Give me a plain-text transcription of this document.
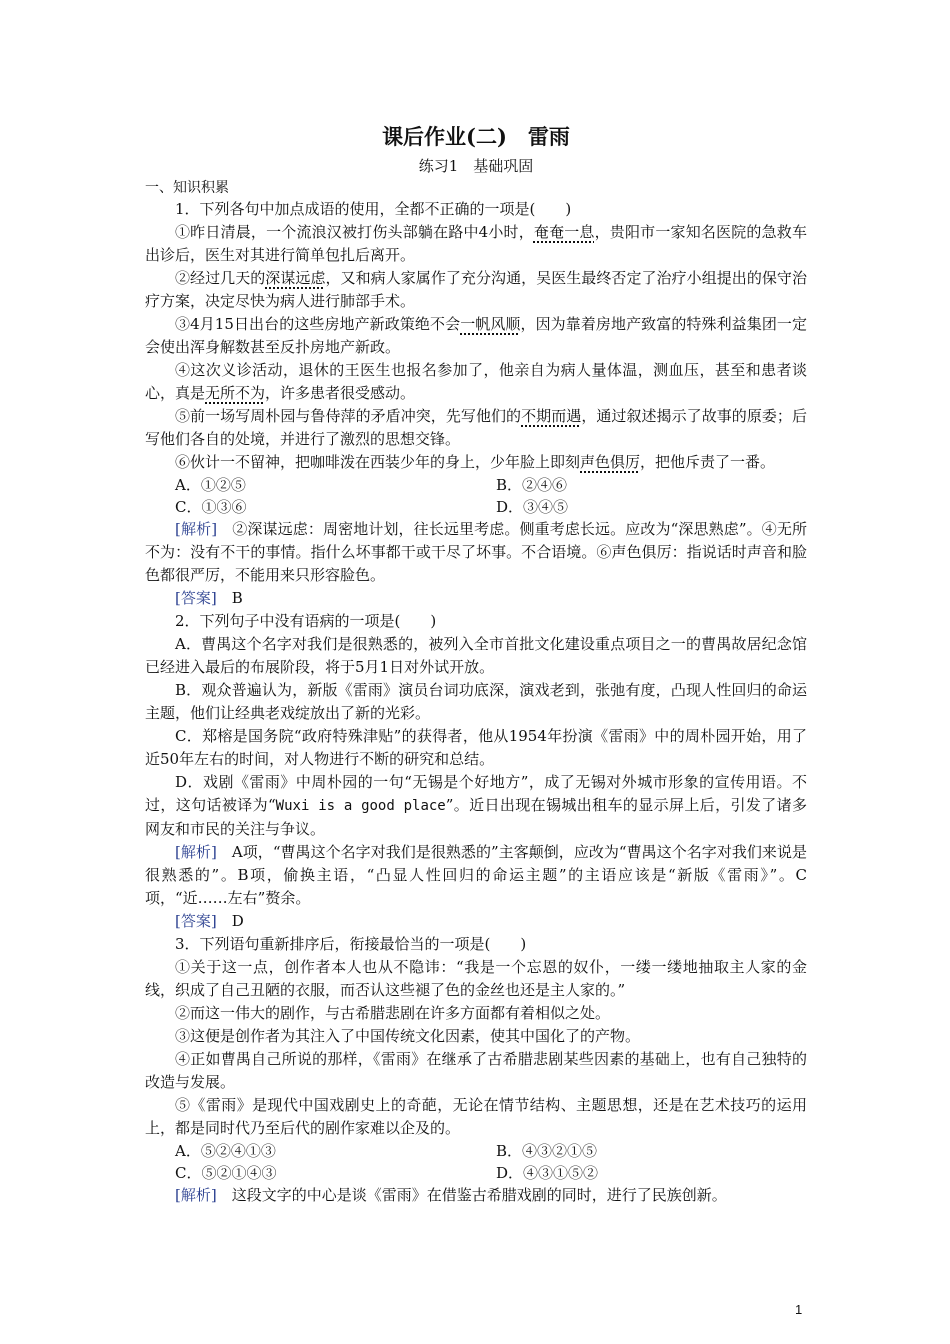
课后作业(二)　雷雨
练习1　基础巩固
一、知识积累

1．下列各句中加点成语的使用，全都不正确的一项是(　　)

①昨日清晨，一个流浪汉被打伤头部躺在路中4小时，奄奄一息，贵阳市一家知名医院的急救车出诊后，医生对其进行简单包扎后离开。

②经过几天的深谋远虑，又和病人家属作了充分沟通，吴医生最终否定了治疗小组提出的保守治疗方案，决定尽快为病人进行肺部手术。

③4月15日出台的这些房地产新政策绝不会一帆风顺，因为靠着房地产致富的特殊利益集团一定会使出浑身解数甚至反扑房地产新政。

④这次义诊活动，退休的王医生也报名参加了，他亲自为病人量体温，测血压，甚至和患者谈心，真是无所不为，许多患者很受感动。

⑤前一场写周朴园与鲁侍萍的矛盾冲突，先写他们的不期而遇，通过叙述揭示了故事的原委；后写他们各自的处境，并进行了激烈的思想交锋。

⑥伙计一不留神，把咖啡泼在西装少年的身上，少年脸上即刻声色俱厉，把他斥责了一番。

A．①②⑤	B．②④⑥
C．①③⑥	D．③④⑤

[解析]　 ②深谋远虑：周密地计划，往长远里考虑。侧重考虑长远。应改为“深思熟虑”。④无所不为：没有不干的事情。指什么坏事都干或干尽了坏事。不合语境。⑥声色俱厉：指说话时声音和脸色都很严厉，不能用来只形容脸色。

[答案]　 B

2．下列句子中没有语病的一项是(　　)

A．曹禺这个名字对我们是很熟悉的，被列入全市首批文化建设重点项目之一的曹禺故居纪念馆已经进入最后的布展阶段，将于5月1日对外试开放。

B．观众普遍认为，新版《雷雨》演员台词功底深，演戏老到，张弛有度，凸现人性回归的命运主题，他们让经典老戏绽放出了新的光彩。

C．郑榕是国务院“政府特殊津贴”的获得者，他从1954年扮演《雷雨》中的周朴园开始，用了近50年左右的时间，对人物进行不断的研究和总结。

D．戏剧《雷雨》中周朴园的一句“无锡是个好地方”，成了无锡对外城市形象的宣传用语。不过，这句话被译为“Wuxi is a good place”。近日出现在锡城出租车的显示屏上后，引发了诸多网友和市民的关注与争议。

[解析]　 A项，“曹禺这个名字对我们是很熟悉的”主客颠倒，应改为“曹禺这个名字对我们来说是很熟悉的”。B项，偷换主语，“凸显人性回归的命运主题”的主语应该是“新版《雷雨》”。C项，“近……左右”赘余。

[答案]　 D

3．下列语句重新排序后，衔接最恰当的一项是(　　)

①关于这一点，创作者本人也从不隐讳：“我是一个忘恩的奴仆，一缕一缕地抽取主人家的金线，织成了自己丑陋的衣服，而否认这些褪了色的金丝也还是主人家的。”

②而这一伟大的剧作，与古希腊悲剧在许多方面都有着相似之处。

③这便是创作者为其注入了中国传统文化因素，使其中国化了的产物。

④正如曹禺自己所说的那样，《雷雨》在继承了古希腊悲剧某些因素的基础上，也有自己独特的改造与发展。

⑤《雷雨》是现代中国戏剧史上的奇葩，无论在情节结构、主题思想，还是在艺术技巧的运用上，都是同时代乃至后代的剧作家难以企及的。

A．⑤②④①③	B．④③②①⑤
C．⑤②①④③	D．④③①⑤②

[解析]　 这段文字的中心是谈《雷雨》在借鉴古希腊戏剧的同时，进行了民族创新。

1
